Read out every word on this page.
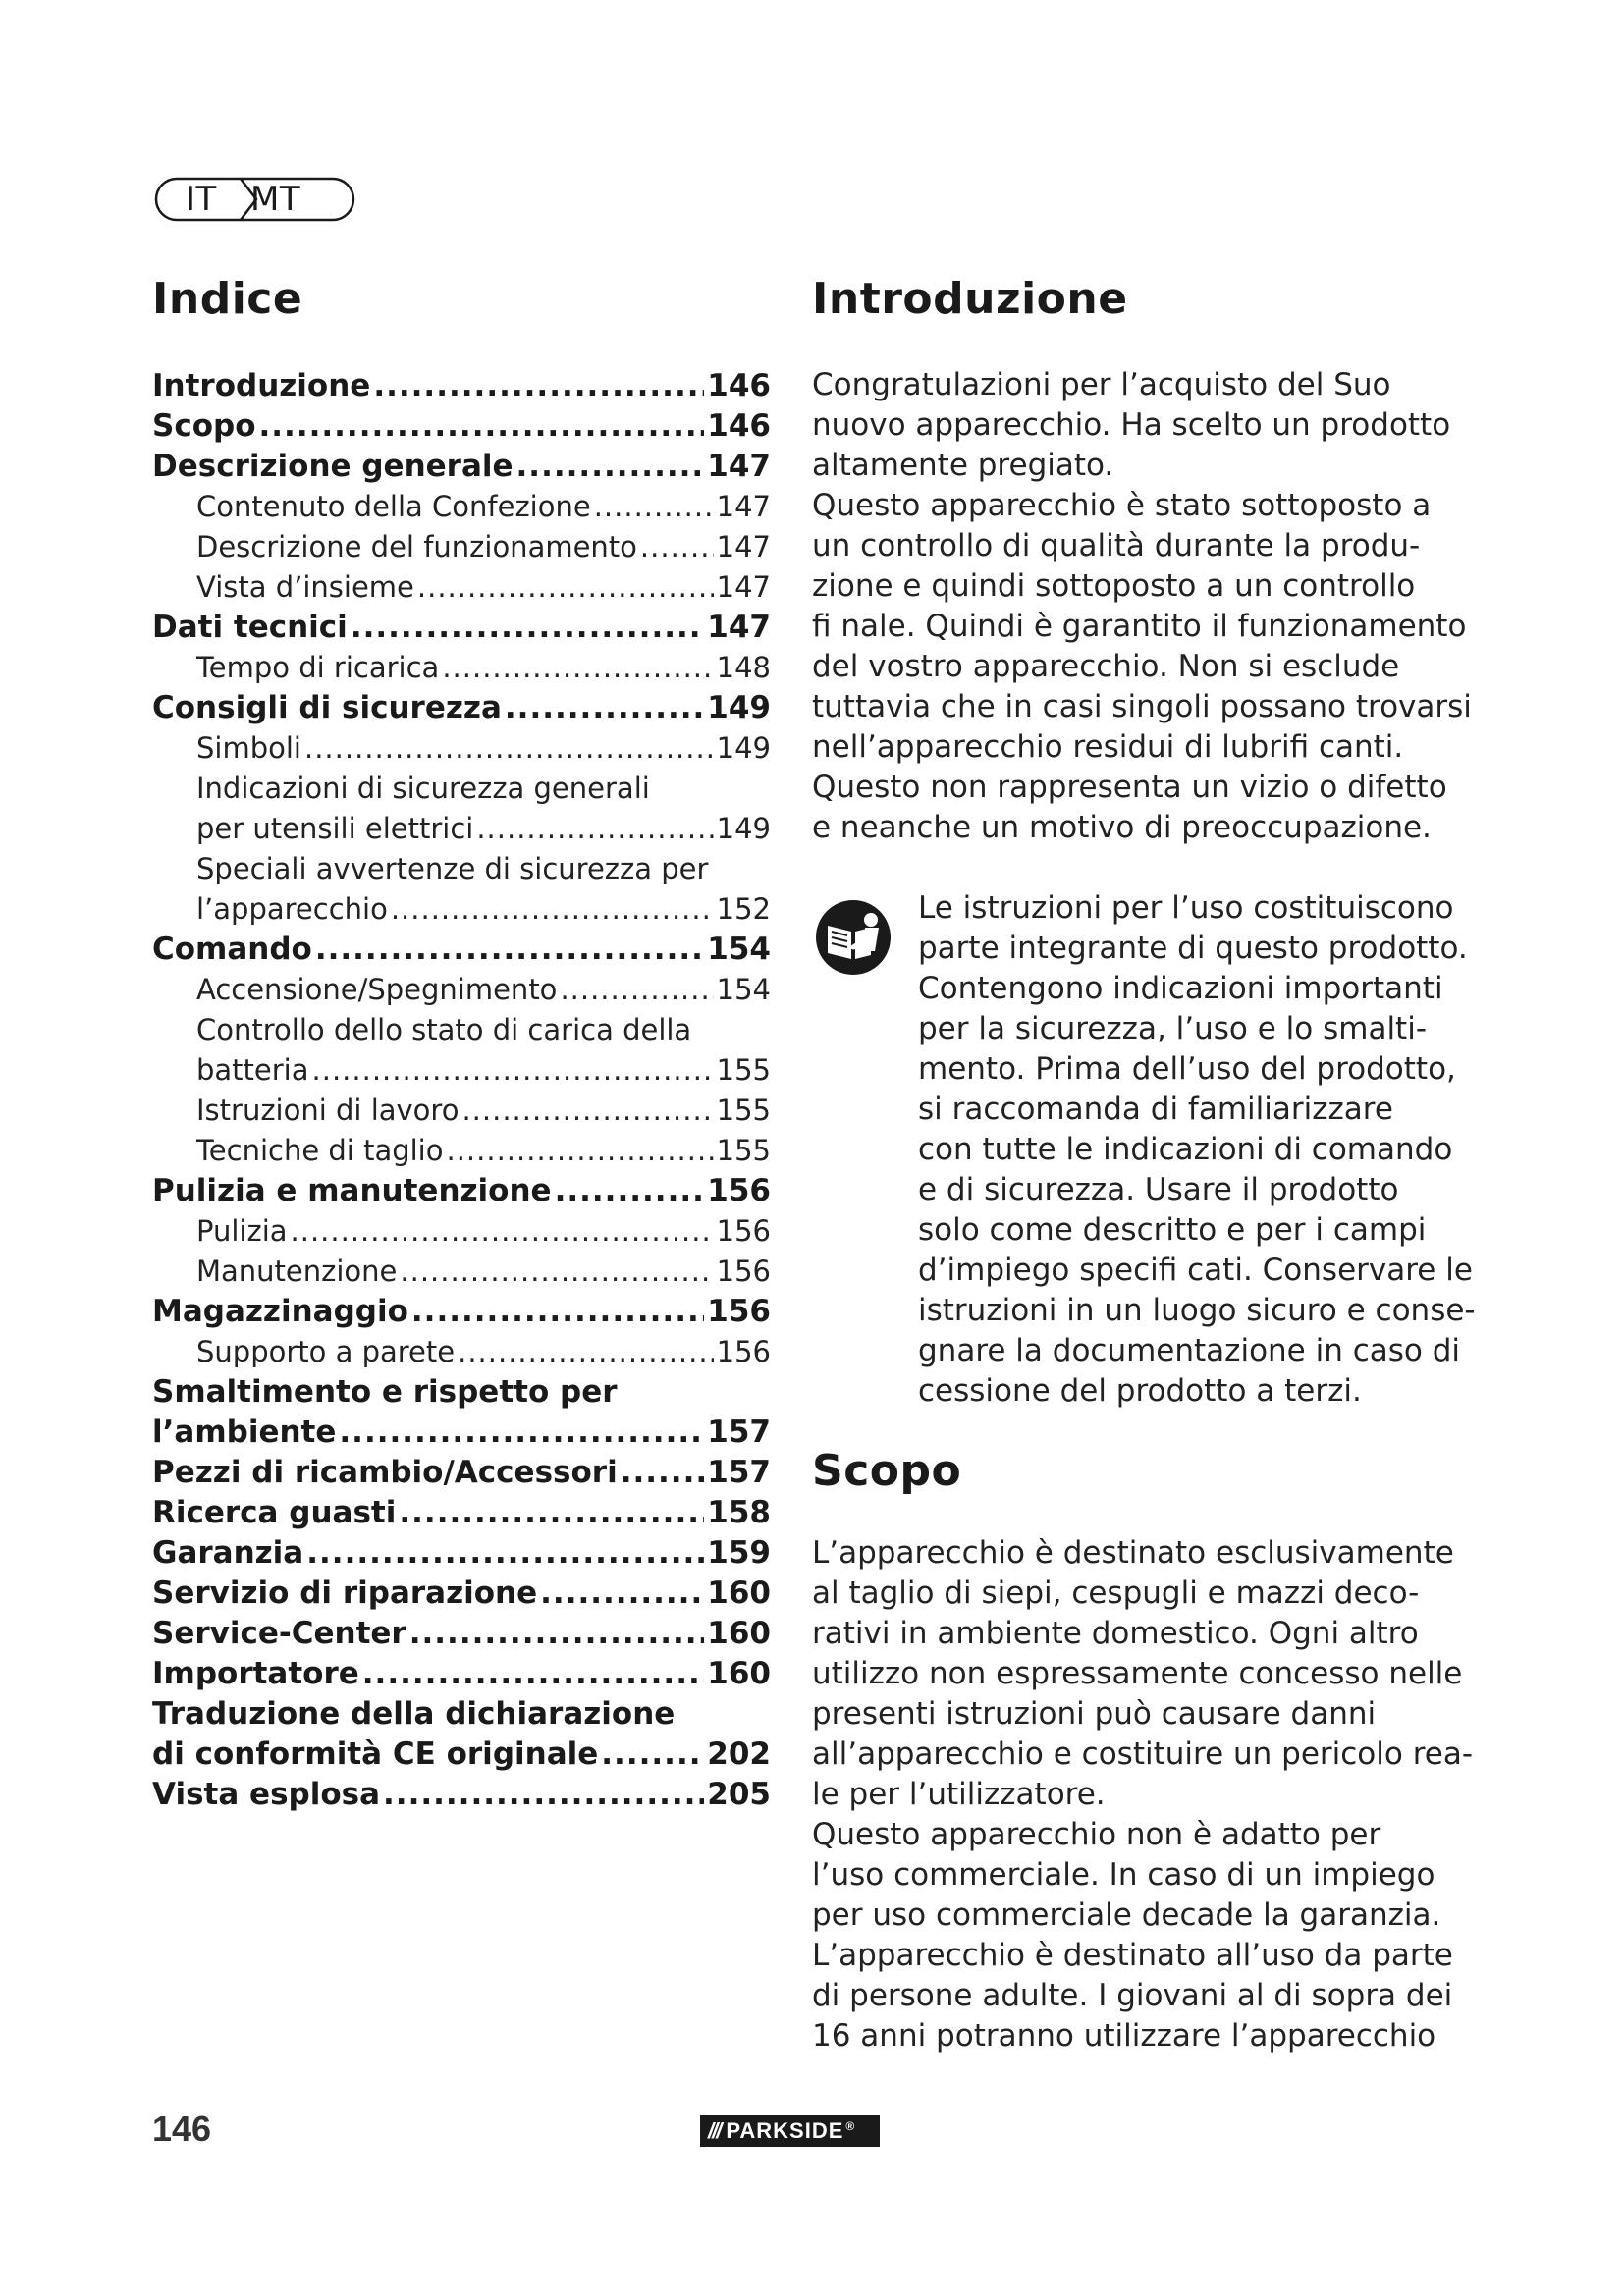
IT MT
Indice	Introduzione
Scopo
Introduzione .....	146
Scopo .....	146
Descrizione generale .....	147
Contenuto della Confezione .....	147
Descrizione del funzionamento .....	147
Vista d’insieme .....	147
Dati tecnici .....	147
Tempo di ricarica .....	148
Consigli di sicurezza .....	149
Simboli .....	149
Indicazioni di sicurezza generali
per utensili elettrici .....	149
Speciali avvertenze di sicurezza per
l’apparecchio .....	152
Comando .....	154
Accensione/Spegnimento .....	154
Controllo dello stato di carica della
batteria .....	155
Istruzioni di lavoro .....	155
Tecniche di taglio .....	155
Pulizia e manutenzione .....	156
Pulizia .....	156
Manutenzione .....	156
Magazzinaggio .....	156
Supporto a parete .....	156
Smaltimento e rispetto per
l’ambiente .....	157
Pezzi di ricambio/Accessori .....	157
Ricerca guasti .....	158
Garanzia .....	159
Servizio di riparazione .....	160
Service-Center .....	160
Importatore .....	160
Traduzione della dichiarazione
di conformità CE originale .....	202
Vista esplosa .....	205
Congratulazioni per l’acquisto del Suo
nuovo apparecchio. Ha scelto un prodotto
altamente pregiato.
Questo apparecchio è stato sottoposto a
un controllo di qualità durante la produ-
zione e quindi sottoposto a un controllo
fi nale. Quindi è garantito il funzionamento
del vostro apparecchio. Non si esclude
tuttavia che in casi singoli possano trovarsi
nell’apparecchio residui di lubrifi canti.
Questo non rappresenta un vizio o difetto
e neanche un motivo di preoccupazione.
Le istruzioni per l’uso costituiscono
parte integrante di questo prodotto.
Contengono indicazioni importanti
per la sicurezza, l’uso e lo smalti-
mento. Prima dell’uso del prodotto,
si raccomanda di familiarizzare
con tutte le indicazioni di comando
e di sicurezza. Usare il prodotto
solo come descritto e per i campi
d’impiego specifi cati. Conservare le
istruzioni in un luogo sicuro e conse-
gnare la documentazione in caso di
cessione del prodotto a terzi.
L’apparecchio è destinato esclusivamente
al taglio di siepi, cespugli e mazzi deco-
rativi in ambiente domestico. Ogni altro
utilizzo non espressamente concesso nelle
presenti istruzioni può causare danni
all’apparecchio e costituire un pericolo rea-
le per l’utilizzatore.
Questo apparecchio non è adatto per
l’uso commerciale. In caso di un impiego
per uso commerciale decade la garanzia.
L’apparecchio è destinato all’uso da parte
di persone adulte. I giovani al di sopra dei
16 anni potranno utilizzare l’apparecchio
146	/// PARKSIDE ®
